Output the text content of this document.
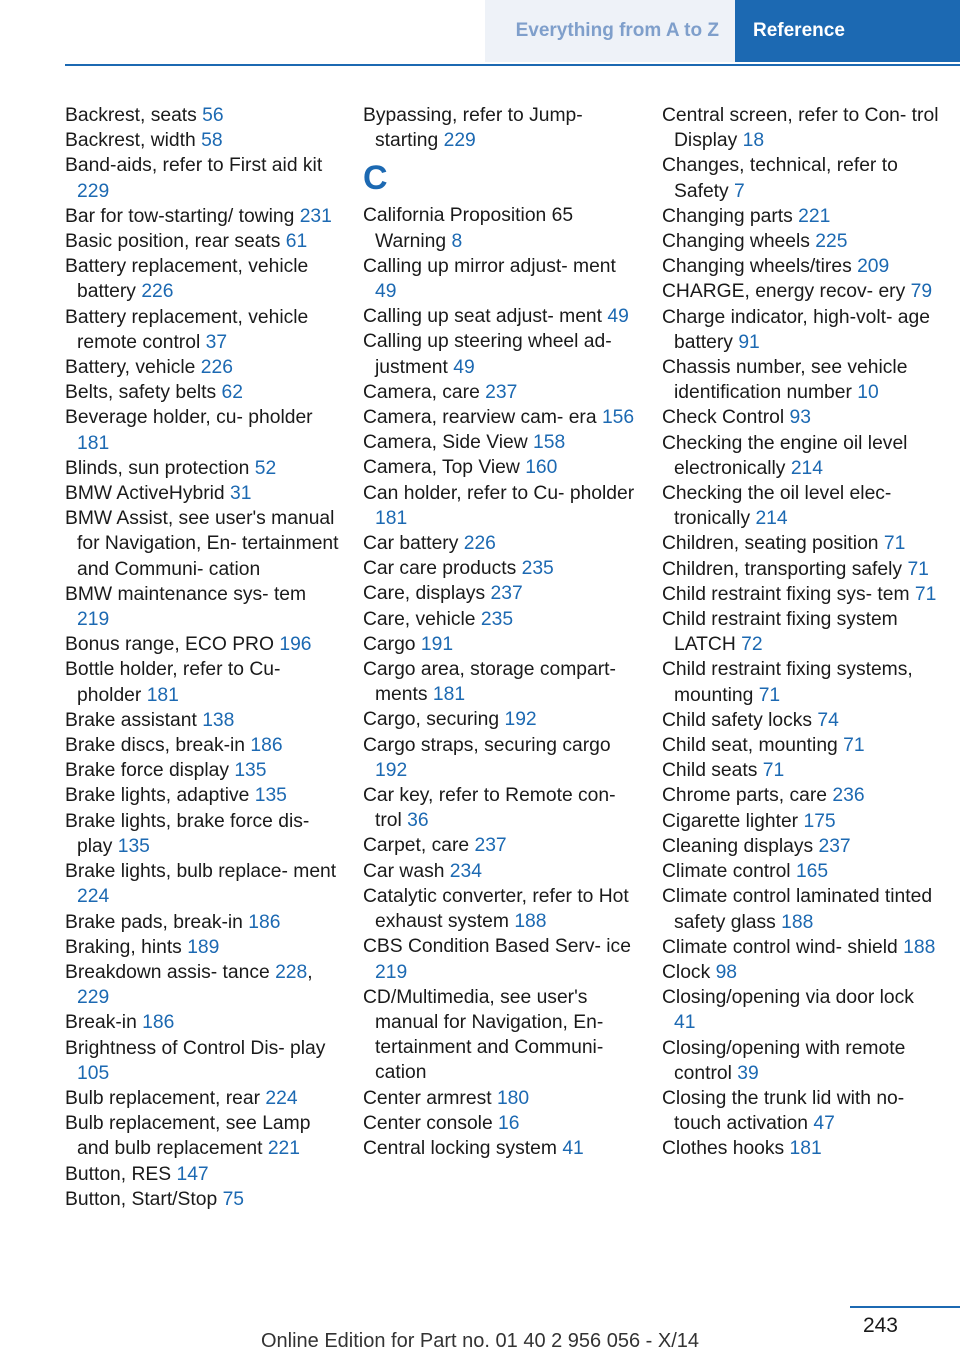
Everything from A to Z	Reference
Backrest, seats 56
Backrest, width 58
Band-aids, refer to First aid kit 229
Bar for tow-starting/ towing 231
Basic position, rear seats 61
Battery replacement, vehicle battery 226
Battery replacement, vehicle remote control 37
Battery, vehicle 226
Belts, safety belts 62
Beverage holder, cu- pholder 181
Blinds, sun protection 52
BMW ActiveHybrid 31
BMW Assist, see user's manual for Navigation, En- tertainment and Communi- cation
BMW maintenance sys- tem 219
Bonus range, ECO PRO 196
Bottle holder, refer to Cu- pholder 181
Brake assistant 138
Brake discs, break-in 186
Brake force display 135
Brake lights, adaptive 135
Brake lights, brake force dis- play 135
Brake lights, bulb replace- ment 224
Brake pads, break-in 186
Braking, hints 189
Breakdown assis- tance 228, 229
Break-in 186
Brightness of Control Dis- play 105
Bulb replacement, rear 224
Bulb replacement, see Lamp and bulb replacement 221
Button, RES 147
Button, Start/Stop 75
Bypassing, refer to Jump- starting 229
C
California Proposition 65 Warning 8
Calling up mirror adjust- ment 49
Calling up seat adjust- ment 49
Calling up steering wheel ad- justment 49
Camera, care 237
Camera, rearview cam- era 156
Camera, Side View 158
Camera, Top View 160
Can holder, refer to Cu- pholder 181
Car battery 226
Car care products 235
Care, displays 237
Care, vehicle 235
Cargo 191
Cargo area, storage compart- ments 181
Cargo, securing 192
Cargo straps, securing cargo 192
Car key, refer to Remote con- trol 36
Carpet, care 237
Car wash 234
Catalytic converter, refer to Hot exhaust system 188
CBS Condition Based Serv- ice 219
CD/Multimedia, see user's manual for Navigation, En- tertainment and Communi- cation
Center armrest 180
Center console 16
Central locking system 41
Central screen, refer to Con- trol Display 18
Changes, technical, refer to Safety 7
Changing parts 221
Changing wheels 225
Changing wheels/tires 209
CHARGE, energy recov- ery 79
Charge indicator, high-volt- age battery 91
Chassis number, see vehicle identification number 10
Check Control 93
Checking the engine oil level electronically 214
Checking the oil level elec- tronically 214
Children, seating position 71
Children, transporting safely 71
Child restraint fixing sys- tem 71
Child restraint fixing system LATCH 72
Child restraint fixing systems, mounting 71
Child safety locks 74
Child seat, mounting 71
Child seats 71
Chrome parts, care 236
Cigarette lighter 175
Cleaning displays 237
Climate control 165
Climate control laminated tinted safety glass 188
Climate control wind- shield 188
Clock 98
Closing/opening via door lock 41
Closing/opening with remote control 39
Closing the trunk lid with no- touch activation 47
Clothes hooks 181
243
Online Edition for Part no. 01 40 2 956 056 - X/14
